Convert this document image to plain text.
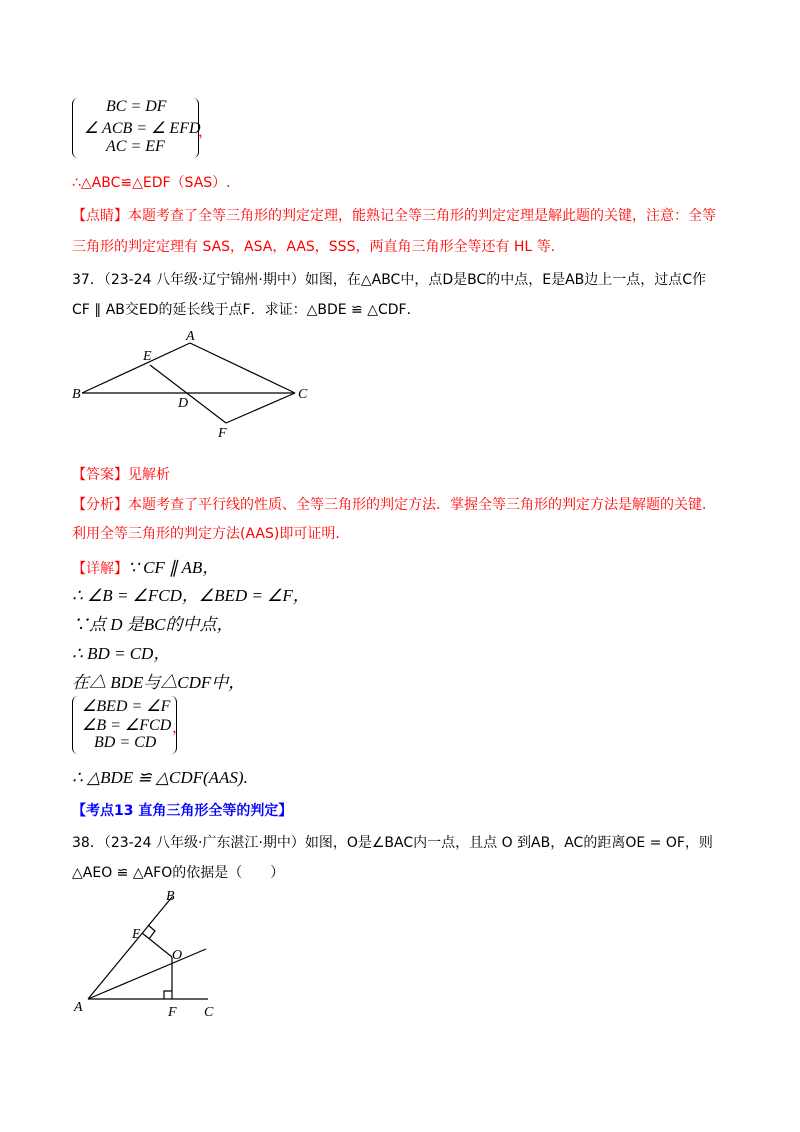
BC = DF
∠ ACB = ∠ EFD
AC = EF
，
∴△ABC≌△EDF（SAS）.
【点睛】本题考查了全等三角形的判定定理，能熟记全等三角形的判定定理是解此题的关键，注意：全等
三角形的判定定理有 SAS，ASA，AAS，SSS，两直角三角形全等还有 HL 等.
37．（23-24 八年级·辽宁锦州·期中）如图，在△ABC中，点D是BC的中点，E是AB边上一点，过点C作
CF ∥ AB交ED的延长线于点F．求证：△BDE ≌ △CDF．
A
B	C
D
E
F
【答案】见解析
【分析】本题考查了平行线的性质、全等三角形的判定方法．掌握全等三角形的判定方法是解题的关键．
利用全等三角形的判定方法(AAS)即可证明．
【详解】∵ CF ∥ AB，
∴ ∠B = ∠FCD，∠BED = ∠F，
∵点 D 是BC的中点，
∴ BD = CD，
在△ BDE与△CDF中，
∠BED = ∠F
∠B = ∠FCD
BD = CD
，
∴ △BDE ≌ △CDF(AAS).
【考点13 直角三角形全等的判定】
38．（23-24 八年级·广东湛江·期中）如图，O是∠BAC内一点，且点 O 到AB，AC的距离OE = OF，则
△AEO ≌ △AFO的依据是（　　）
B
E
O
A	F C
